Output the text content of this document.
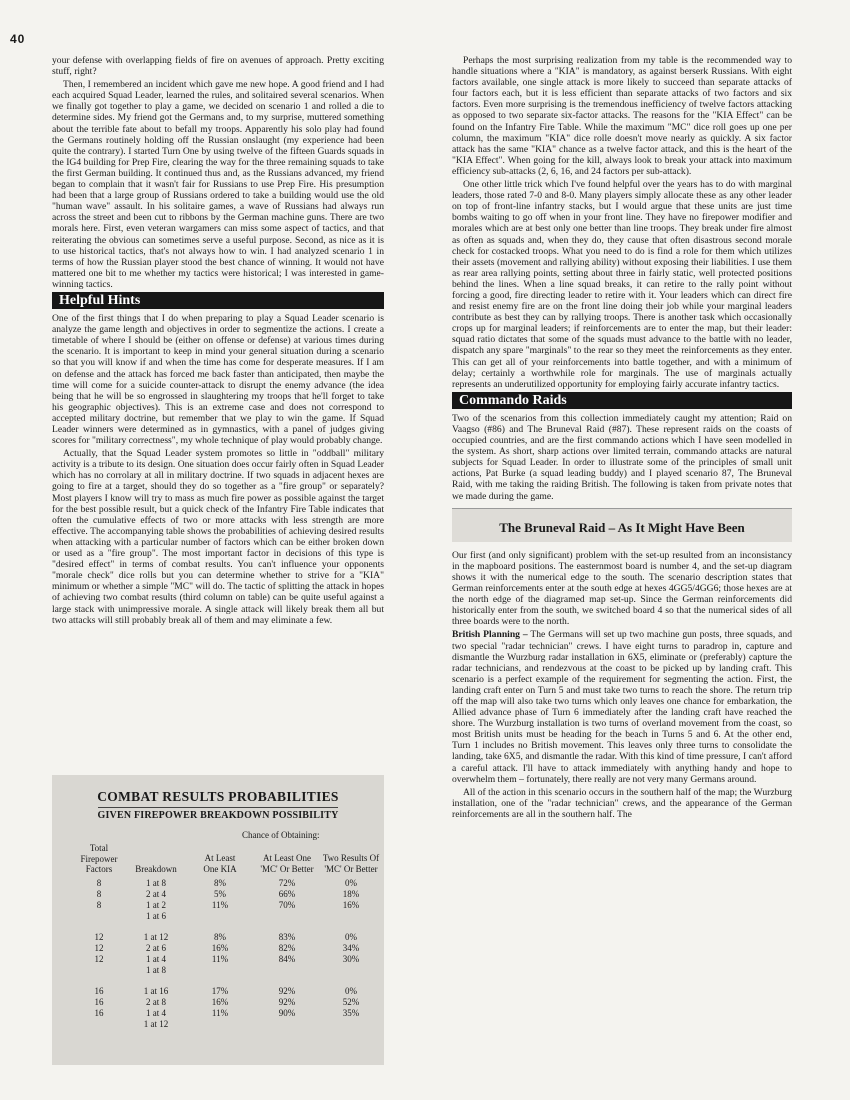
40

your defense with overlapping fields of fire on avenues of approach. Pretty exciting stuff, right?

Then, I remembered an incident which gave me new hope. A good friend and I had each acquired Squad Leader, learned the rules, and solitaired several scenarios. When we finally got together to play a game, we decided on scenario 1 and rolled a die to determine sides. My friend got the Germans and, to my surprise, muttered something about the terrible fate about to befall my troops. Apparently his solo play had found the Germans routinely holding off the Russian onslaught (my experience had been quite the contrary). I started Turn One by using twelve of the fifteen Guards squads in the IG4 building for Prep Fire, clearing the way for the three remaining squads to take the first German building. It continued thus and, as the Russians advanced, my friend began to complain that it wasn't fair for Russians to use Prep Fire. His presumption had been that a large group of Russians ordered to take a building would use the old "human wave" assault. In his solitaire games, a wave of Russians had always run across the street and been cut to ribbons by the German machine guns. There are two morals here. First, even veteran wargamers can miss some aspect of tactics, and that reiterating the obvious can sometimes serve a useful purpose. Second, as nice as it is to use historical tactics, that's not always how to win. I had analyzed scenario 1 in terms of how the Russian player stood the best chance of winning. It would not have mattered one bit to me whether my tactics were historical; I was interested in game-winning tactics.

Helpful Hints

One of the first things that I do when preparing to play a Squad Leader scenario is analyze the game length and objectives in order to segmentize the actions. I create a timetable of where I should be (either on offense or defense) at various times during the scenario. It is important to keep in mind your general situation during a scenario so that you will know if and when the time has come for desperate measures. If I am on defense and the attack has forced me back faster than anticipated, then maybe the time will come for a suicide counter-attack to disrupt the enemy advance (the idea being that he will be so engrossed in slaughtering my troops that he'll forget to take his geographic objectives). This is an extreme case and does not correspond to accepted military doctrine, but remember that we play to win the game. If Squad Leader winners were determined as in gymnastics, with a panel of judges giving scores for "military correctness", my whole technique of play would probably change.

Actually, that the Squad Leader system promotes so little in "oddball" military activity is a tribute to its design. One situation does occur fairly often in Squad Leader which has no corrolary at all in military doctrine. If two squads in adjacent hexes are going to fire at a target, should they do so together as a "fire group" or separately? Most players I know will try to mass as much fire power as possible against the target for the best possible result, but a quick check of the Infantry Fire Table indicates that often the cumulative effects of two or more attacks with less strength are more effective. The accompanying table shows the probabilities of achieving desired results when attacking with a particular number of factors which can be either broken down or used as a "fire group". The most important factor in decisions of this type is "desired effect" in terms of combat results. You can't influence your opponents "morale check" dice rolls but you can determine whether to strive for a "KIA" minimum or whether a simple "MC" will do. The tactic of splitting the attack in hopes of achieving two combat results (third column on table) can be quite useful against a large stack with unimpressive morale. A single attack will likely break them all but two attacks will still probably break all of them and may eliminate a few.

COMBAT RESULTS PROBABILITIES
GIVEN FIREPOWER BREAKDOWN POSSIBILITY
Chance of Obtaining:
Total
Firepower
Factors	Breakdown
At Least
One KIA
At Least One
'MC' Or Better
Two Results Of
'MC' Or Better
8	1 at 8	8%	72%	0%
8	2 at 4	5%	66%	18%
8	1 at 2	11%	70%	16%
1 at 6
12	1 at 12	8%	83%	0%
12	2 at 6	16%	82%	34%
12	1 at 4	11%	84%	30%
1 at 8
16	1 at 16	17%	92%	0%
16	2 at 8	16%	92%	52%
16	1 at 4	11%	90%	35%
1 at 12

Perhaps the most surprising realization from my table is the recommended way to handle situations where a "KIA" is mandatory, as against berserk Russians. With eight factors available, one single attack is more likely to succeed than separate attacks of four factors each, but it is less efficient than separate attacks of two factors and six factors. Even more surprising is the tremendous inefficiency of twelve factors attacking as opposed to two separate six-factor attacks. The reasons for the "KIA Effect" can be found on the Infantry Fire Table. While the maximum "MC" dice roll goes up one per column, the maximum "KIA" dice rolle doesn't move nearly as quickly. A six factor attack has the same "KIA" chance as a twelve factor attack, and this is the heart of the "KIA Effect". When going for the kill, always look to break your attack into maximum efficiency sub-attacks (2, 6, 16, and 24 factors per sub-attack).

One other little trick which I've found helpful over the years has to do with marginal leaders, those rated 7-0 and 8-0. Many players simply allocate these as any other leader on top of front-line infantry stacks, but I would argue that these units are just time bombs waiting to go off when in your front line. They have no firepower modifier and morales which are at best only one better than line troops. They break under fire almost as often as squads and, when they do, they cause that often disastrous second morale check for costacked troops. What you need to do is find a role for them which utilizes their assets (movement and rallying ability) without exposing their liabilities. I use them as rear area rallying points, setting about three in fairly static, well protected positions behind the lines. When a line squad breaks, it can retire to the rally point without forcing a good, fire directing leader to retire with it. Your leaders which can direct fire and resist enemy fire are on the front line doing their job while your marginal leaders contribute as best they can by rallying troops. There is another task which occasionally crops up for marginal leaders; if reinforcements are to enter the map, but their leader: squad ratio dictates that some of the squads must advance to the battle with no leader, dispatch any spare "marginals" to the rear so they meet the reinforcements as they enter. This can get all of your reinforcements into battle together, and with a minimum of delay; certainly a worthwhile role for marginals. The use of marginals actually represents an underutilized opportunity for employing fairly accurate infantry tactics.

Commando Raids

Two of the scenarios from this collection immediately caught my attention; Raid on Vaagso (#86) and The Bruneval Raid (#87). These represent raids on the coasts of occupied countries, and are the first commando actions which I have seen modelled in the system. As short, sharp actions over limited terrain, commando attacks are natural subjects for Squad Leader. In order to illustrate some of the principles of small unit actions, Pat Burke (a squad leading buddy) and I played scenario 87, The Bruneval Raid, with me taking the raiding British. The following is taken from private notes that we made during the game.

The Bruneval Raid – As It Might Have Been

Our first (and only significant) problem with the set-up resulted from an inconsistancy in the mapboard positions. The easternmost board is number 4, and the set-up diagram shows it with the numerical edge to the south. The scenario description states that German reinforcements enter at the south edge at hexes 4GG5/4GG6; those hexes are at the north edge of the diagramed map set-up. Since the German reinforcements did historically enter from the south, we switched board 4 so that the numerical sides of all three boards were to the north.

British Planning – The Germans will set up two machine gun posts, three squads, and two special "radar technician" crews. I have eight turns to paradrop in, capture and dismantle the Wurzburg radar installation in 6X5, eliminate or (preferably) capture the radar technicians, and rendezvous at the coast to be picked up by landing craft. This scenario is a perfect example of the requirement for segmenting the action. First, the landing craft enter on Turn 5 and must take two turns to reach the shore. The return trip off the map will also take two turns which only leaves one chance for embarkation, the Allied advance phase of Turn 6 immediately after the landing craft have reached the shore. The Wurzburg installation is two turns of overland movement from the coast, so most British units must be heading for the beach in Turns 5 and 6. At the other end, Turn 1 includes no British movement. This leaves only three turns to consolidate the landing, take 6X5, and dismantle the radar. With this kind of time pressure, I can't afford a careful attack. I'll have to attack immediately with anything handy and hope to overwhelm them – fortunately, there really are not very many Germans around.

All of the action in this scenario occurs in the southern half of the map; the Wurzburg installation, one of the "radar technician" crews, and the appearance of the German reinforcements are all in the southern half. The
